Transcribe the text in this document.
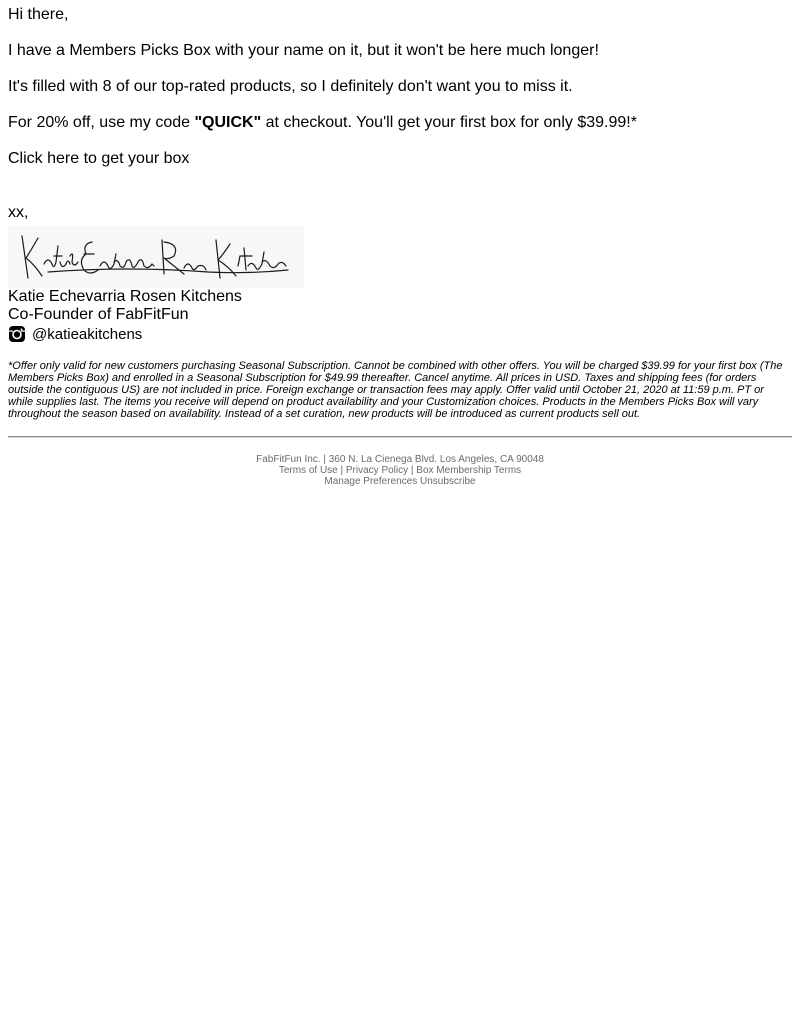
Hi there,

I have a Members Picks Box with your name on it, but it won't be here much longer!

It's filled with 8 of our top-rated products, so I definitely don't want you to miss it.

For 20% off, use my code "QUICK" at checkout. You'll get your first box for only $39.99!*

Click here to get your box

xx,

Katie Echevarria Rosen Kitchens
Co-Founder of FabFitFun
@katieakitchens

*Offer only valid for new customers purchasing Seasonal Subscription. Cannot be combined with other offers. You will be charged $39.99 for your first box (The Members Picks Box) and enrolled in a Seasonal Subscription for $49.99 thereafter. Cancel anytime. All prices in USD. Taxes and shipping fees (for orders outside the contiguous US) are not included in price. Foreign exchange or transaction fees may apply. Offer valid until October 21, 2020 at 11:59 p.m. PT or while supplies last. The items you receive will depend on product availability and your Customization choices. Products in the Members Picks Box will vary throughout the season based on availability. Instead of a set curation, new products will be introduced as current products sell out.

FabFitFun Inc. | 360 N. La Cienega Blvd. Los Angeles, CA 90048
Terms of Use | Privacy Policy | Box Membership Terms
Manage Preferences Unsubscribe
